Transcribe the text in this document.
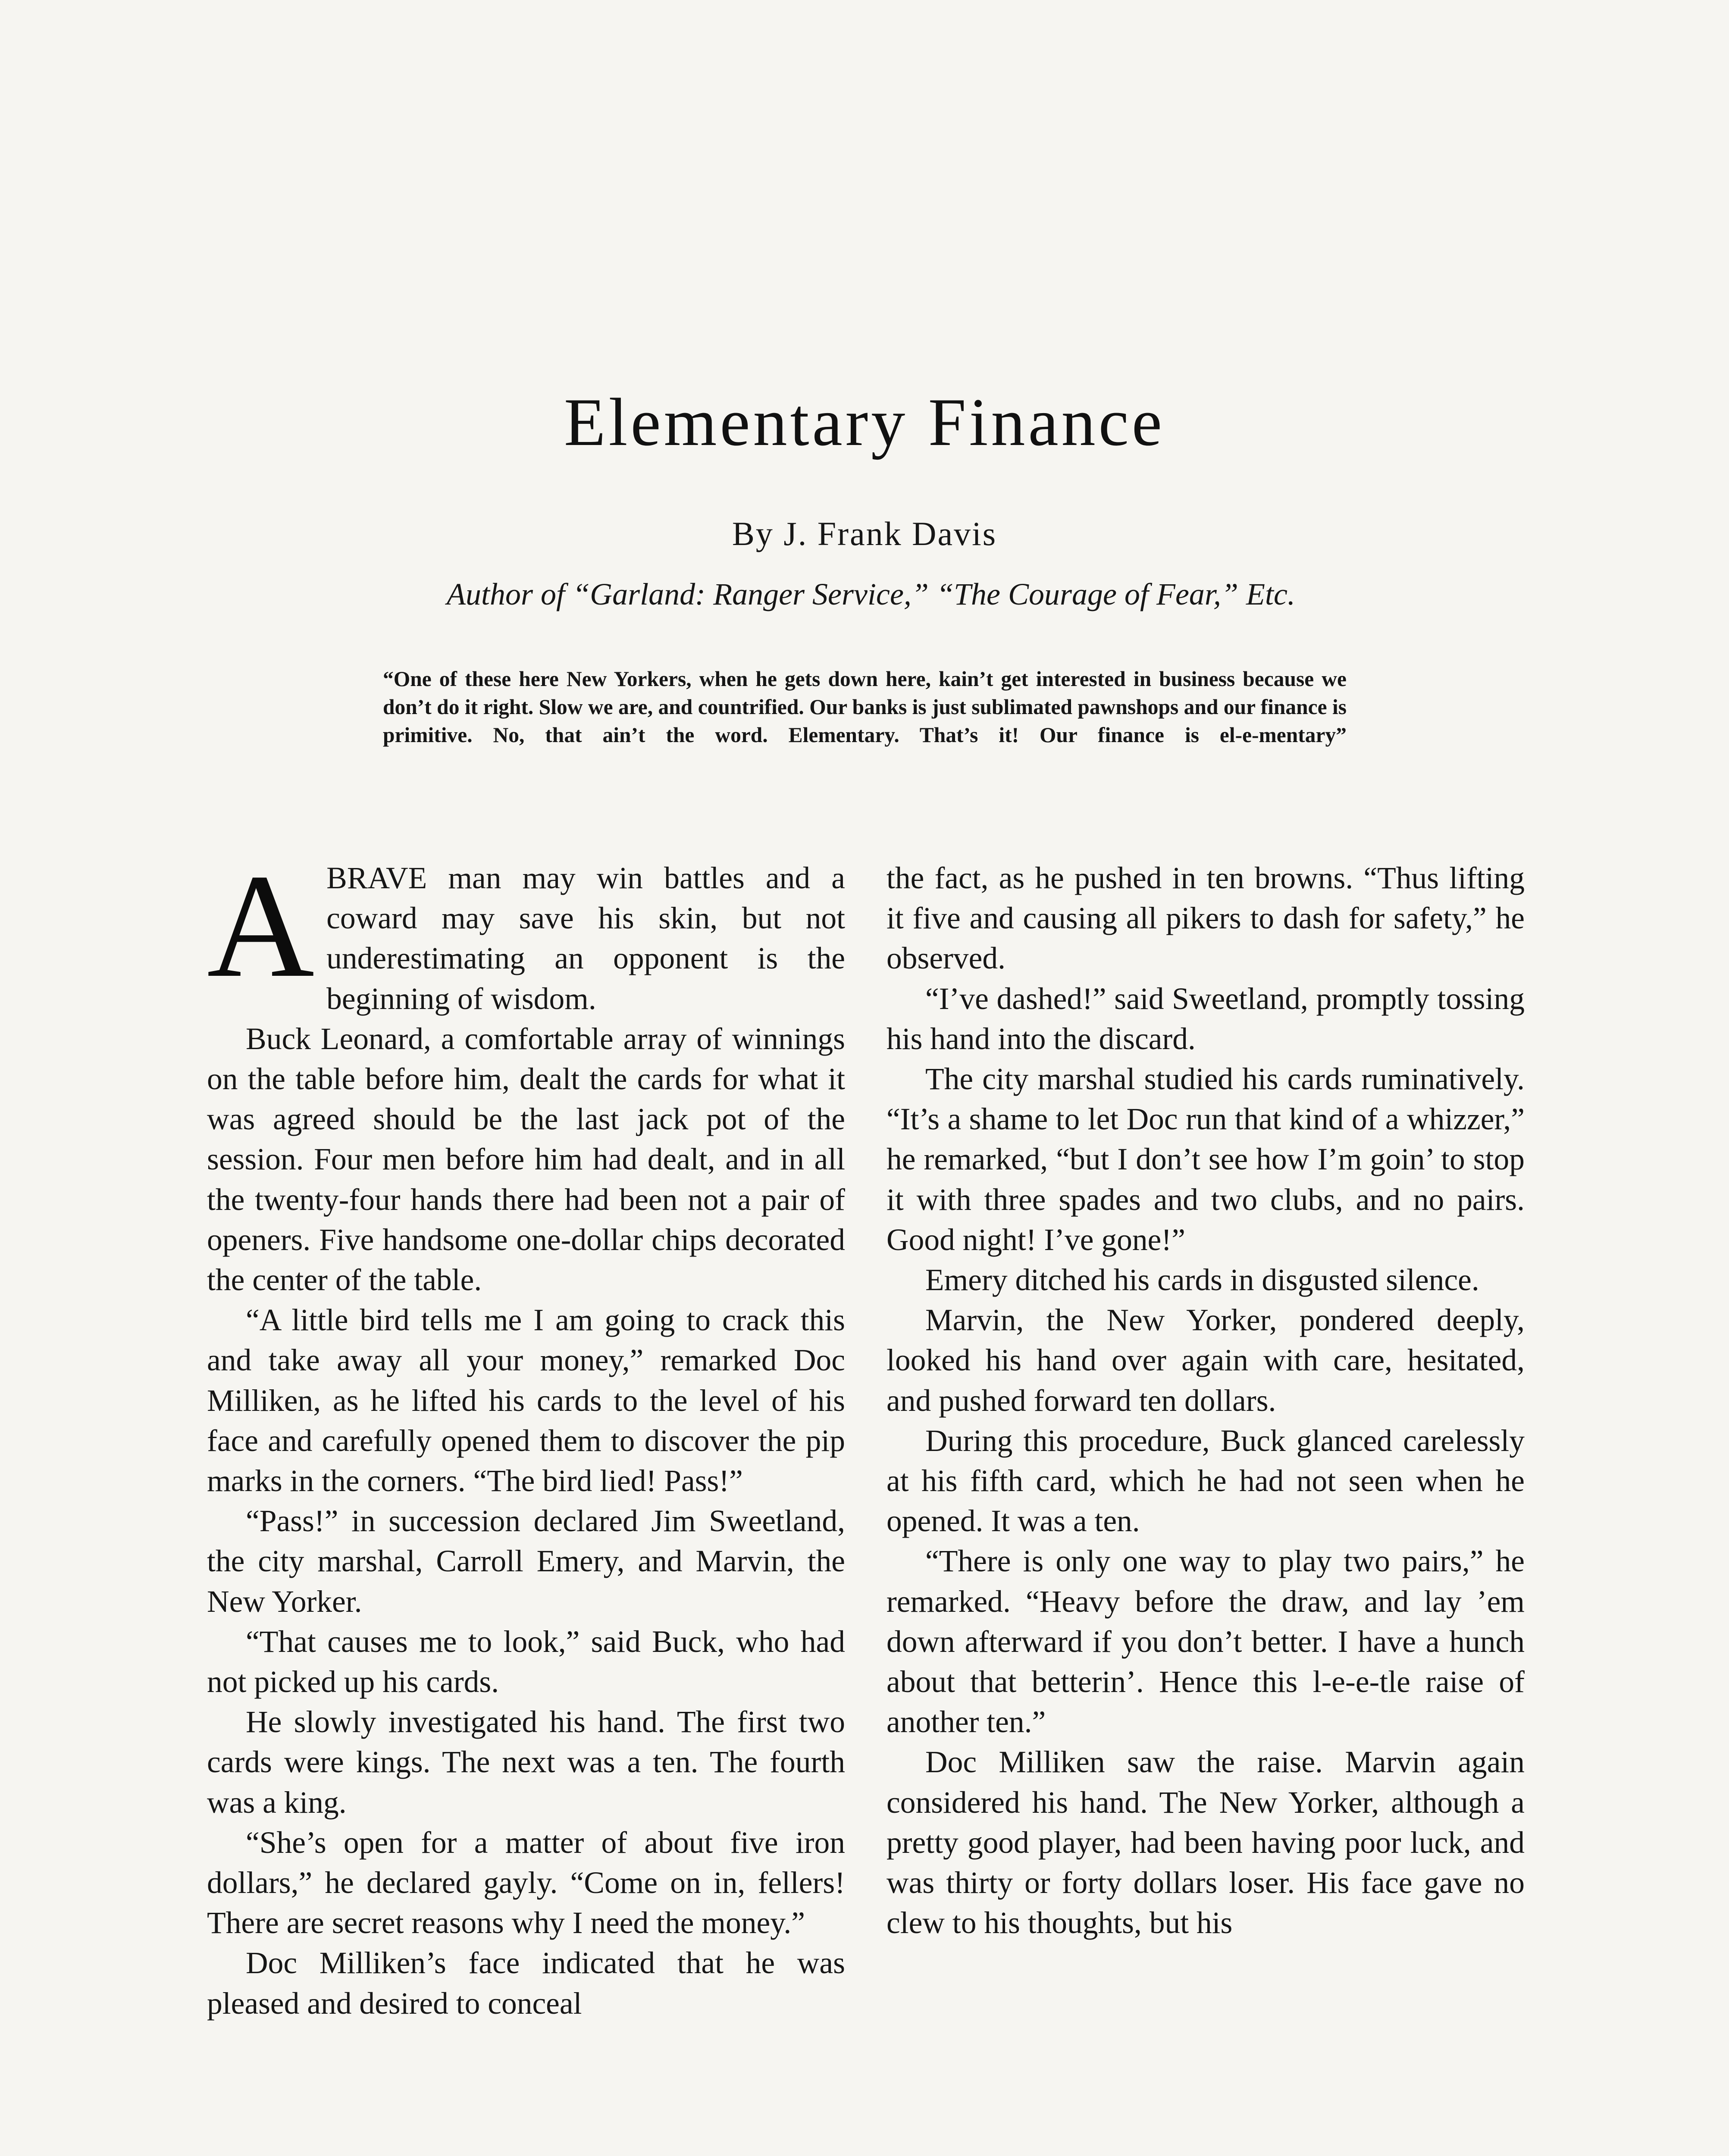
Elementary Finance
By J. Frank Davis
Author of “Garland: Ranger Service,” “The Courage of Fear,” Etc.
“One of these here New Yorkers, when he gets down here, kain’t get interested in business because we don’t do it right. Slow we are, and countrified. Our banks is just sublimated pawnshops and our finance is primitive. No, that ain’t the word. Elementary. That’s it! Our finance is el-e-mentary”

ABRAVE man may win battles and a coward may save his skin, but not underestimating an opponent is the beginning of wisdom.

Buck Leonard, a comfortable array of winnings on the table before him, dealt the cards for what it was agreed should be the last jack pot of the session. Four men before him had dealt, and in all the twenty-four hands there had been not a pair of openers. Five handsome one-dollar chips decorated the center of the table.

“A little bird tells me I am going to crack this and take away all your money,” remarked Doc Milliken, as he lifted his cards to the level of his face and carefully opened them to discover the pip marks in the corners. “The bird lied! Pass!”

“Pass!” in succession declared Jim Sweetland, the city marshal, Carroll Emery, and Marvin, the New Yorker.

“That causes me to look,” said Buck, who had not picked up his cards.

He slowly investigated his hand. The first two cards were kings. The next was a ten. The fourth was a king.

“She’s open for a matter of about five iron dollars,” he declared gayly. “Come on in, fellers! There are secret reasons why I need the money.”

Doc Milliken’s face indicated that he was pleased and desired to conceal

the fact, as he pushed in ten browns. “Thus lifting it five and causing all pikers to dash for safety,” he observed.

“I’ve dashed!” said Sweetland, promptly tossing his hand into the discard.

The city marshal studied his cards ruminatively. “It’s a shame to let Doc run that kind of a whizzer,” he remarked, “but I don’t see how I’m goin’ to stop it with three spades and two clubs, and no pairs. Good night! I’ve gone!”

Emery ditched his cards in disgusted silence.

Marvin, the New Yorker, pondered deeply, looked his hand over again with care, hesitated, and pushed forward ten dollars.

During this procedure, Buck glanced carelessly at his fifth card, which he had not seen when he opened. It was a ten.

“There is only one way to play two pairs,” he remarked. “Heavy before the draw, and lay ’em down afterward if you don’t better. I have a hunch about that betterin’. Hence this l-e-e-tle raise of another ten.”

Doc Milliken saw the raise. Marvin again considered his hand. The New Yorker, although a pretty good player, had been having poor luck, and was thirty or forty dollars loser. His face gave no clew to his thoughts, but his
